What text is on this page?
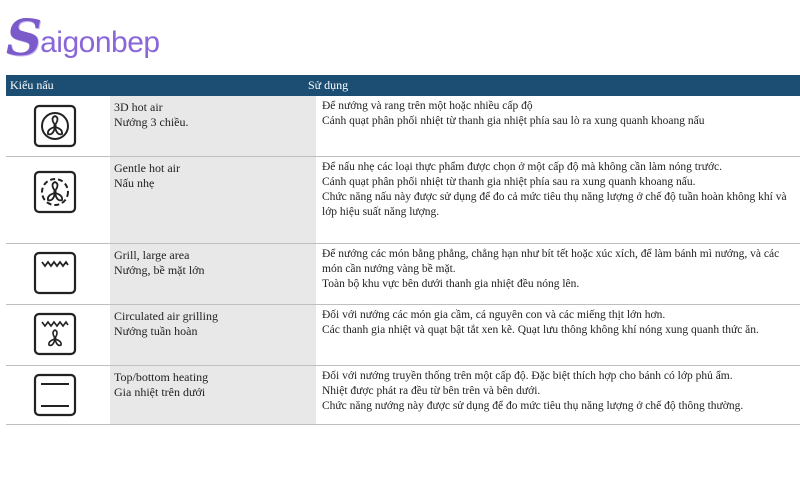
S
aigonbep
Kiểu nấu	Sử dụng
3D hot air
Nướng 3 chiều.
Để nướng và rang trên một hoặc nhiều cấp độ
Cánh quạt phân phối nhiệt từ thanh gia nhiệt phía sau lò ra xung quanh khoang nấu
Gentle hot air
Nấu nhẹ
Để nấu nhẹ các loại thực phẩm được chọn ở một cấp độ mà không cần làm nóng trước.
Cánh quạt phân phối nhiệt từ thanh gia nhiệt phía sau ra xung quanh khoang nấu.
Chức năng nấu này được sử dụng để đo cả mức tiêu thụ năng lượng ở chế độ tuần hoàn không khí và lớp hiệu suất năng lượng.
Grill, large area
Nướng, bề mặt lớn
Để nướng các món bằng phẳng, chẳng hạn như bít tết hoặc xúc xích, để làm bánh mì nướng, và các món cần nướng vàng bề mặt.
Toàn bộ khu vực bên dưới thanh gia nhiệt đều nóng lên.
Circulated air grilling
Nướng tuần hoàn
Đối với nướng các món gia cầm, cá nguyên con và các miếng thịt lớn hơn.
Các thanh gia nhiệt và quạt bật tắt xen kẽ. Quạt lưu thông không khí nóng xung quanh thức ăn.
Top/bottom heating
Gia nhiệt trên dưới
Đối với nướng truyền thống trên một cấp độ. Đặc biệt thích hợp cho bánh có lớp phủ ẩm.
Nhiệt được phát ra đều từ bên trên và bên dưới.
Chức năng nướng này được sử dụng để đo mức tiêu thụ năng lượng ở chế độ thông thường.
